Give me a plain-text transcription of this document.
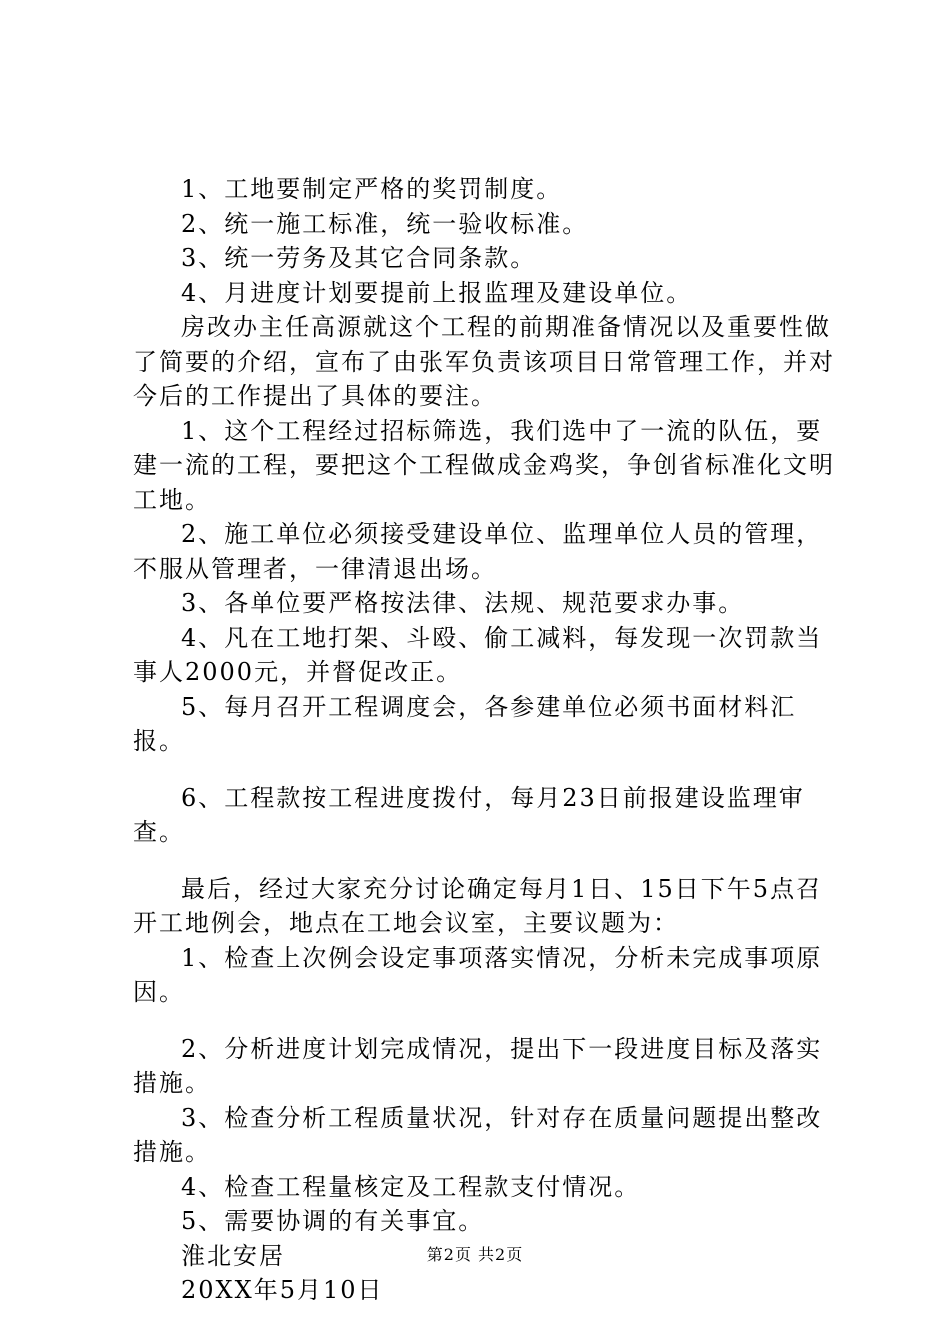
1、工地要制定严格的奖罚制度。

2、统一施工标准，统一验收标准。

3、统一劳务及其它合同条款。

4、月进度计划要提前上报监理及建设单位。

房改办主任高源就这个工程的前期准备情况以及重要性做了简要的介绍，宣布了由张军负责该项目日常管理工作，并对今后的工作提出了具体的要注。

1、这个工程经过招标筛选，我们选中了一流的队伍，要建一流的工程，要把这个工程做成金鸡奖，争创省标准化文明工地。

2、施工单位必须接受建设单位、监理单位人员的管理，不服从管理者，一律清退出场。

3、各单位要严格按法律、法规、规范要求办事。

4、凡在工地打架、斗殴、偷工减料，每发现一次罚款当事人2000元，并督促改正。

5、每月召开工程调度会，各参建单位必须书面材料汇报。

6、工程款按工程进度拨付，每月23日前报建设监理审查。

最后，经过大家充分讨论确定每月1日、15日下午5点召开工地例会，地点在工地会议室，主要议题为：

1、检查上次例会设定事项落实情况，分析未完成事项原因。

2、分析进度计划完成情况，提出下一段进度目标及落实措施。

3、检查分析工程质量状况，针对存在质量问题提出整改措施。

4、检查工程量核定及工程款支付情况。

5、需要协调的有关事宜。

淮北安居

20XX年5月10日

第2页 共2页
